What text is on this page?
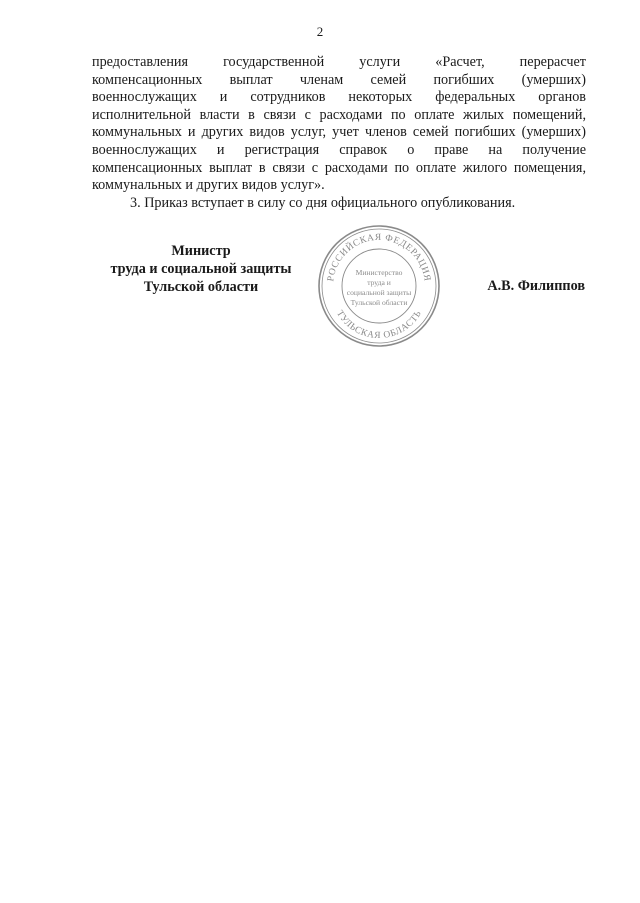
2

предоставления государственной услуги «Расчет, перерасчет
компенсационных выплат членам семей погибших (умерших)
военнослужащих и сотрудников некоторых федеральных органов
исполнительной власти в связи с расходами по оплате жилых помещений,
коммунальных и других видов услуг, учет членов семей погибших (умерших)
военнослужащих и регистрация справок о праве на получение
компенсационных выплат в связи с расходами по оплате жилого помещения,
коммунальных и других видов услуг».

3. Приказ вступает в силу со дня официального опубликования.

Министр
труда и социальной защиты
Тульской области
РОССИЙСКАЯ ФЕДЕРАЦИЯ
ТУЛЬСКАЯ ОБЛАСТЬ
Министерство
труда и
социальной защиты
Тульской области
А.В. Филиппов
